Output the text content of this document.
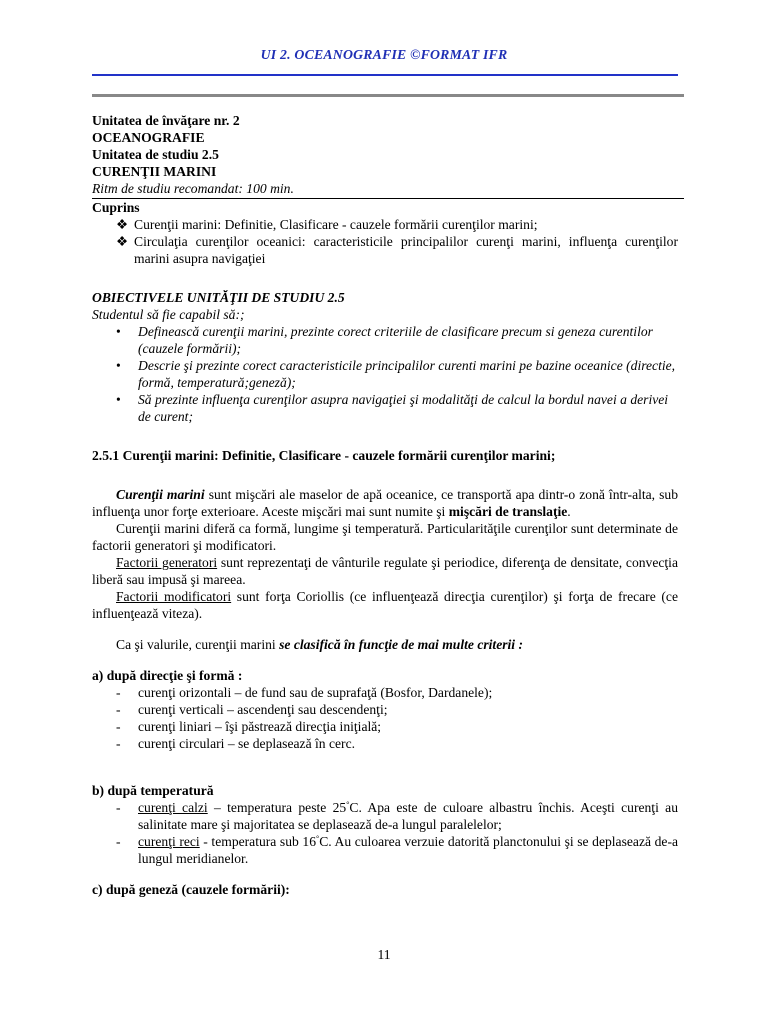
UI 2. OCEANOGRAFIE ©FORMAT IFR
Unitatea de învăţare nr. 2
OCEANOGRAFIE
Unitatea de studiu 2.5
CURENŢII MARINI
Ritm de studiu recomandat: 100 min.
Cuprins
❖ Curenţii marini: Definitie, Clasificare - cauzele formării curenţilor marini;
❖ Circulaţia curenţilor oceanici: caracteristicile principalilor curenţi marini, influenţa curenţilor marini asupra navigaţiei
OBIECTIVELE UNITĂŢII DE STUDIU 2.5
Studentul să fie capabil să:;
• Definească curenţii marini, prezinte corect criteriile de clasificare precum si geneza curentilor (cauzele formării);
• Descrie şi prezinte corect caracteristicile principalilor curenti marini pe bazine oceanice (directie, formă, temperatură;geneză);
• Să prezinte influenţa curenţilor asupra navigaţiei şi modalităţi de calcul la bordul navei a derivei de curent;
2.5.1 Curenţii marini: Definitie, Clasificare - cauzele formării curenţilor marini;
Curenţii marini sunt mişcări ale maselor de apă oceanice, ce transportă apa dintr-o zonă într-alta, sub influenţa unor forţe exterioare. Aceste mişcări mai sunt numite şi mişcări de translaţie.
Curenţii marini diferă ca formă, lungime şi temperatură. Particularităţile curenţilor sunt determinate de factorii generatori şi modificatori.
Factorii generatori sunt reprezentaţi de vânturile regulate şi periodice, diferenţa de densitate, convecţia liberă sau impusă şi mareea.
Factorii modificatori sunt forţa Coriollis (ce influenţează direcţia curenţilor) şi forţa de frecare (ce influenţează viteza).
Ca şi valurile, curenţii marini se clasifică în funcţie de mai multe criterii :
a) după direcţie şi formă :
- curenţi orizontali – de fund sau de suprafaţă (Bosfor, Dardanele);
- curenţi verticali – ascendenţi sau descendenţi;
- curenţi liniari – îşi păstrează direcţia iniţială;
- curenţi circulari – se deplasează în cerc.
b) după temperatură
- curenţi calzi – temperatura peste 25°C. Apa este de culoare albastru închis. Aceşti curenţi au salinitate mare şi majoritatea se deplasează de-a lungul paralelelor;
- curenţi reci - temperatura sub 16°C. Au culoarea verzuie datorită planctonului şi se deplasează de-a lungul meridianelor.
c) după geneză (cauzele formării):
11
